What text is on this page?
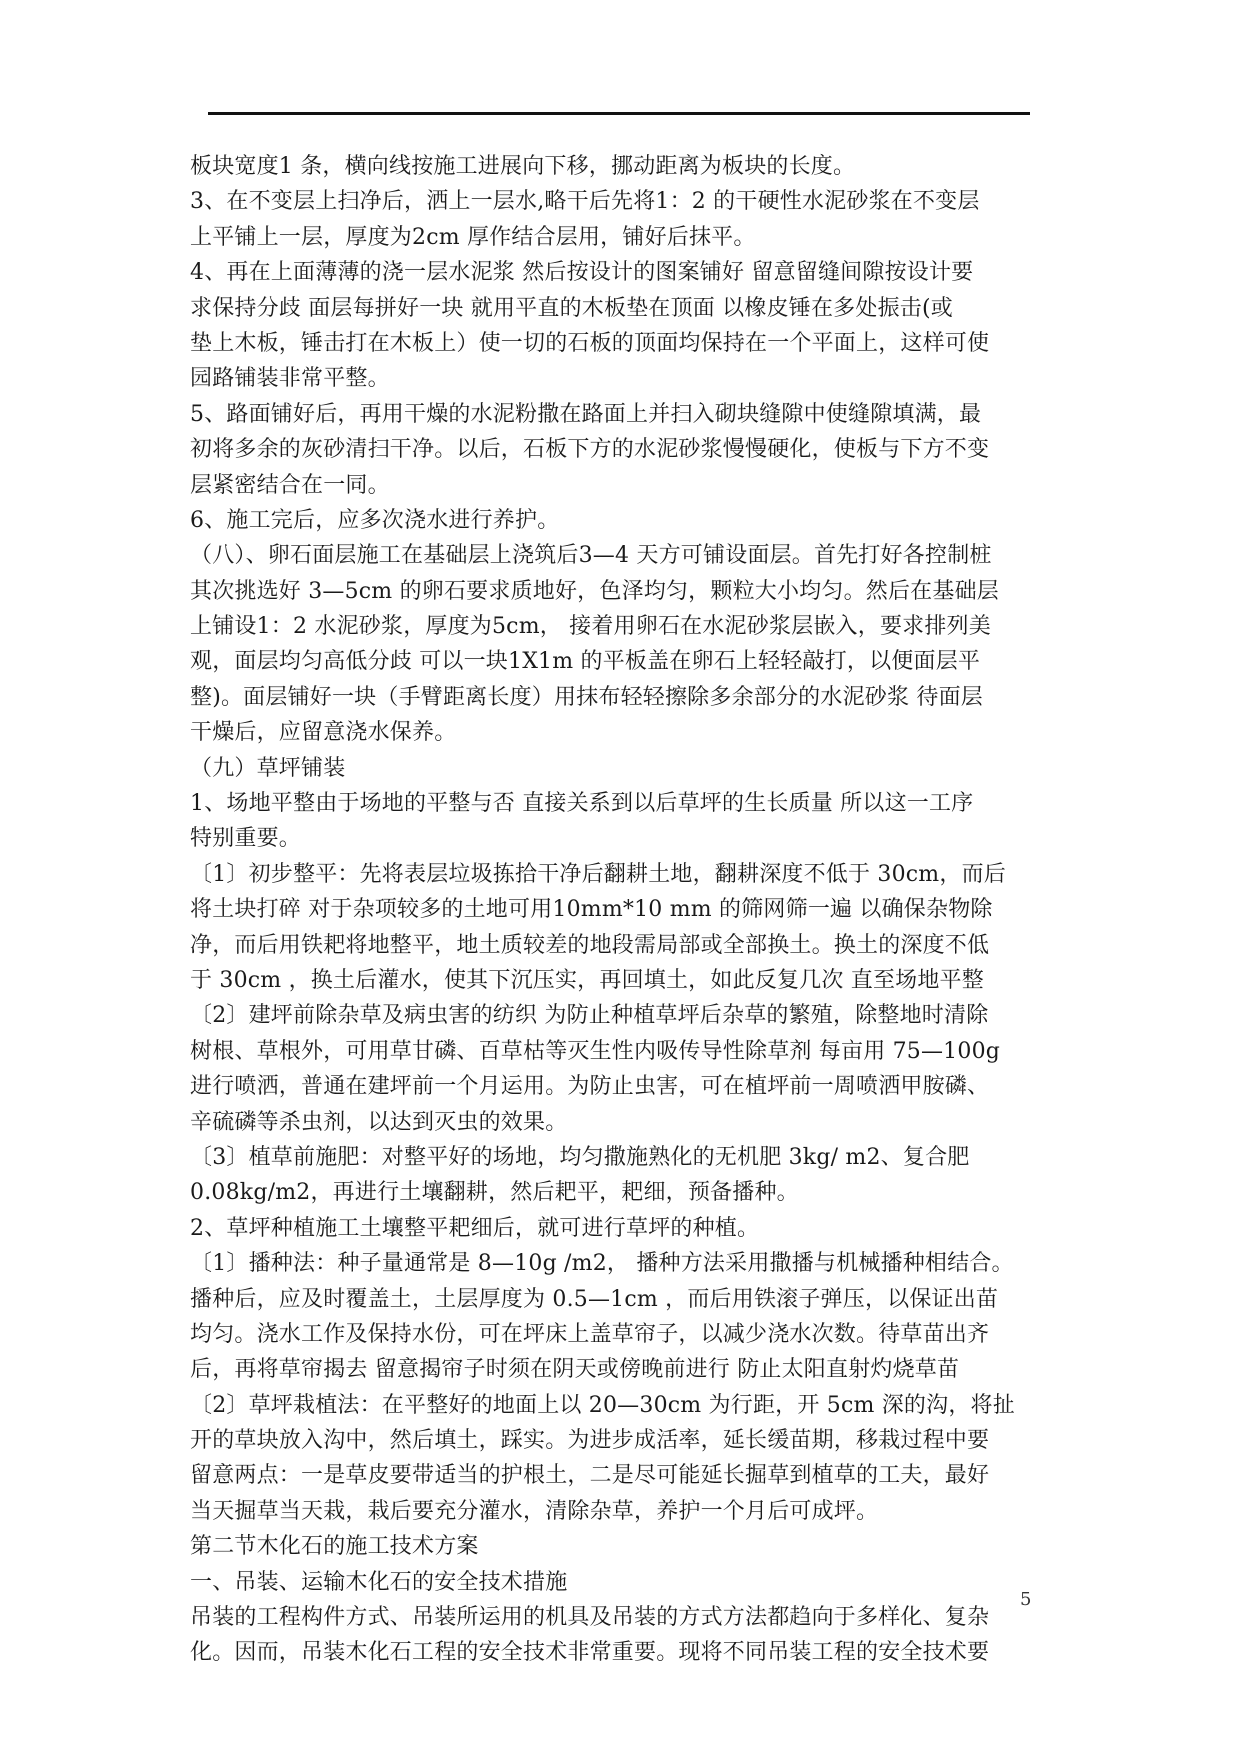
板块宽度1 条，横向线按施工进展向下移，挪动距离为板块的长度。
3、在不变层上扫净后，洒上一层水,略干后先将1：2 的干硬性水泥砂浆在不变层
上平铺上一层，厚度为2cm 厚作结合层用，铺好后抹平。
4、再在上面薄薄的浇一层水泥浆 然后按设计的图案铺好 留意留缝间隙按设计要
求保持分歧 面层每拼好一块 就用平直的木板垫在顶面 以橡皮锤在多处振击(或
垫上木板，锤击打在木板上）使一切的石板的顶面均保持在一个平面上，这样可使
园路铺装非常平整。
5、路面铺好后，再用干燥的水泥粉撒在路面上并扫入砌块缝隙中使缝隙填满，最
初将多余的灰砂清扫干净。以后，石板下方的水泥砂浆慢慢硬化，使板与下方不变
层紧密结合在一同。
6、施工完后，应多次浇水进行养护。
（八）、卵石面层施工在基础层上浇筑后3—4 天方可铺设面层。首先打好各控制桩
其次挑选好 3—5cm 的卵石要求质地好，色泽均匀，颗粒大小均匀。然后在基础层
上铺设1：2 水泥砂浆，厚度为5cm， 接着用卵石在水泥砂浆层嵌入，要求排列美
观，面层均匀高低分歧 可以一块1X1m 的平板盖在卵石上轻轻敲打，以便面层平
整)。面层铺好一块（手臂距离长度）用抹布轻轻擦除多余部分的水泥砂浆 待面层
干燥后，应留意浇水保养。
（九）草坪铺装
1、场地平整由于场地的平整与否 直接关系到以后草坪的生长质量 所以这一工序
特别重要。
〔1〕初步整平：先将表层垃圾拣拾干净后翻耕土地，翻耕深度不低于 30cm，而后
将土块打碎 对于杂项较多的土地可用10mm*10 mm 的筛网筛一遍 以确保杂物除
净，而后用铁耙将地整平，地土质较差的地段需局部或全部换土。换土的深度不低
于 30cm ，换土后灌水，使其下沉压实，再回填土，如此反复几次 直至场地平整
〔2〕建坪前除杂草及病虫害的纺织 为防止种植草坪后杂草的繁殖，除整地时清除
树根、草根外，可用草甘磷、百草枯等灭生性内吸传导性除草剂 每亩用 75—100g
进行喷洒，普通在建坪前一个月运用。为防止虫害，可在植坪前一周喷洒甲胺磷、
辛硫磷等杀虫剂，以达到灭虫的效果。
〔3〕植草前施肥：对整平好的场地，均匀撒施熟化的无机肥 3kg/ m2、复合肥
0.08kg/m2，再进行土壤翻耕，然后耙平，耙细，预备播种。
2、草坪种植施工土壤整平耙细后，就可进行草坪的种植。
〔1〕播种法：种子量通常是 8—10g /m2， 播种方法采用撒播与机械播种相结合。
播种后，应及时覆盖土，土层厚度为 0.5—1cm ，而后用铁滚子弹压，以保证出苗
均匀。浇水工作及保持水份，可在坪床上盖草帘子，以减少浇水次数。待草苗出齐
后，再将草帘揭去 留意揭帘子时须在阴天或傍晚前进行 防止太阳直射灼烧草苗
〔2〕草坪栽植法：在平整好的地面上以 20—30cm 为行距，开 5cm 深的沟，将扯
开的草块放入沟中，然后填土，踩实。为进步成活率，延长缓苗期，移栽过程中要
留意两点：一是草皮要带适当的护根土，二是尽可能延长掘草到植草的工夫，最好
当天掘草当天栽，栽后要充分灌水，清除杂草，养护一个月后可成坪。
第二节木化石的施工技术方案
一、吊装、运输木化石的安全技术措施
吊装的工程构件方式、吊装所运用的机具及吊装的方式方法都趋向于多样化、复杂
化。因而，吊装木化石工程的安全技术非常重要。现将不同吊装工程的安全技术要
5
